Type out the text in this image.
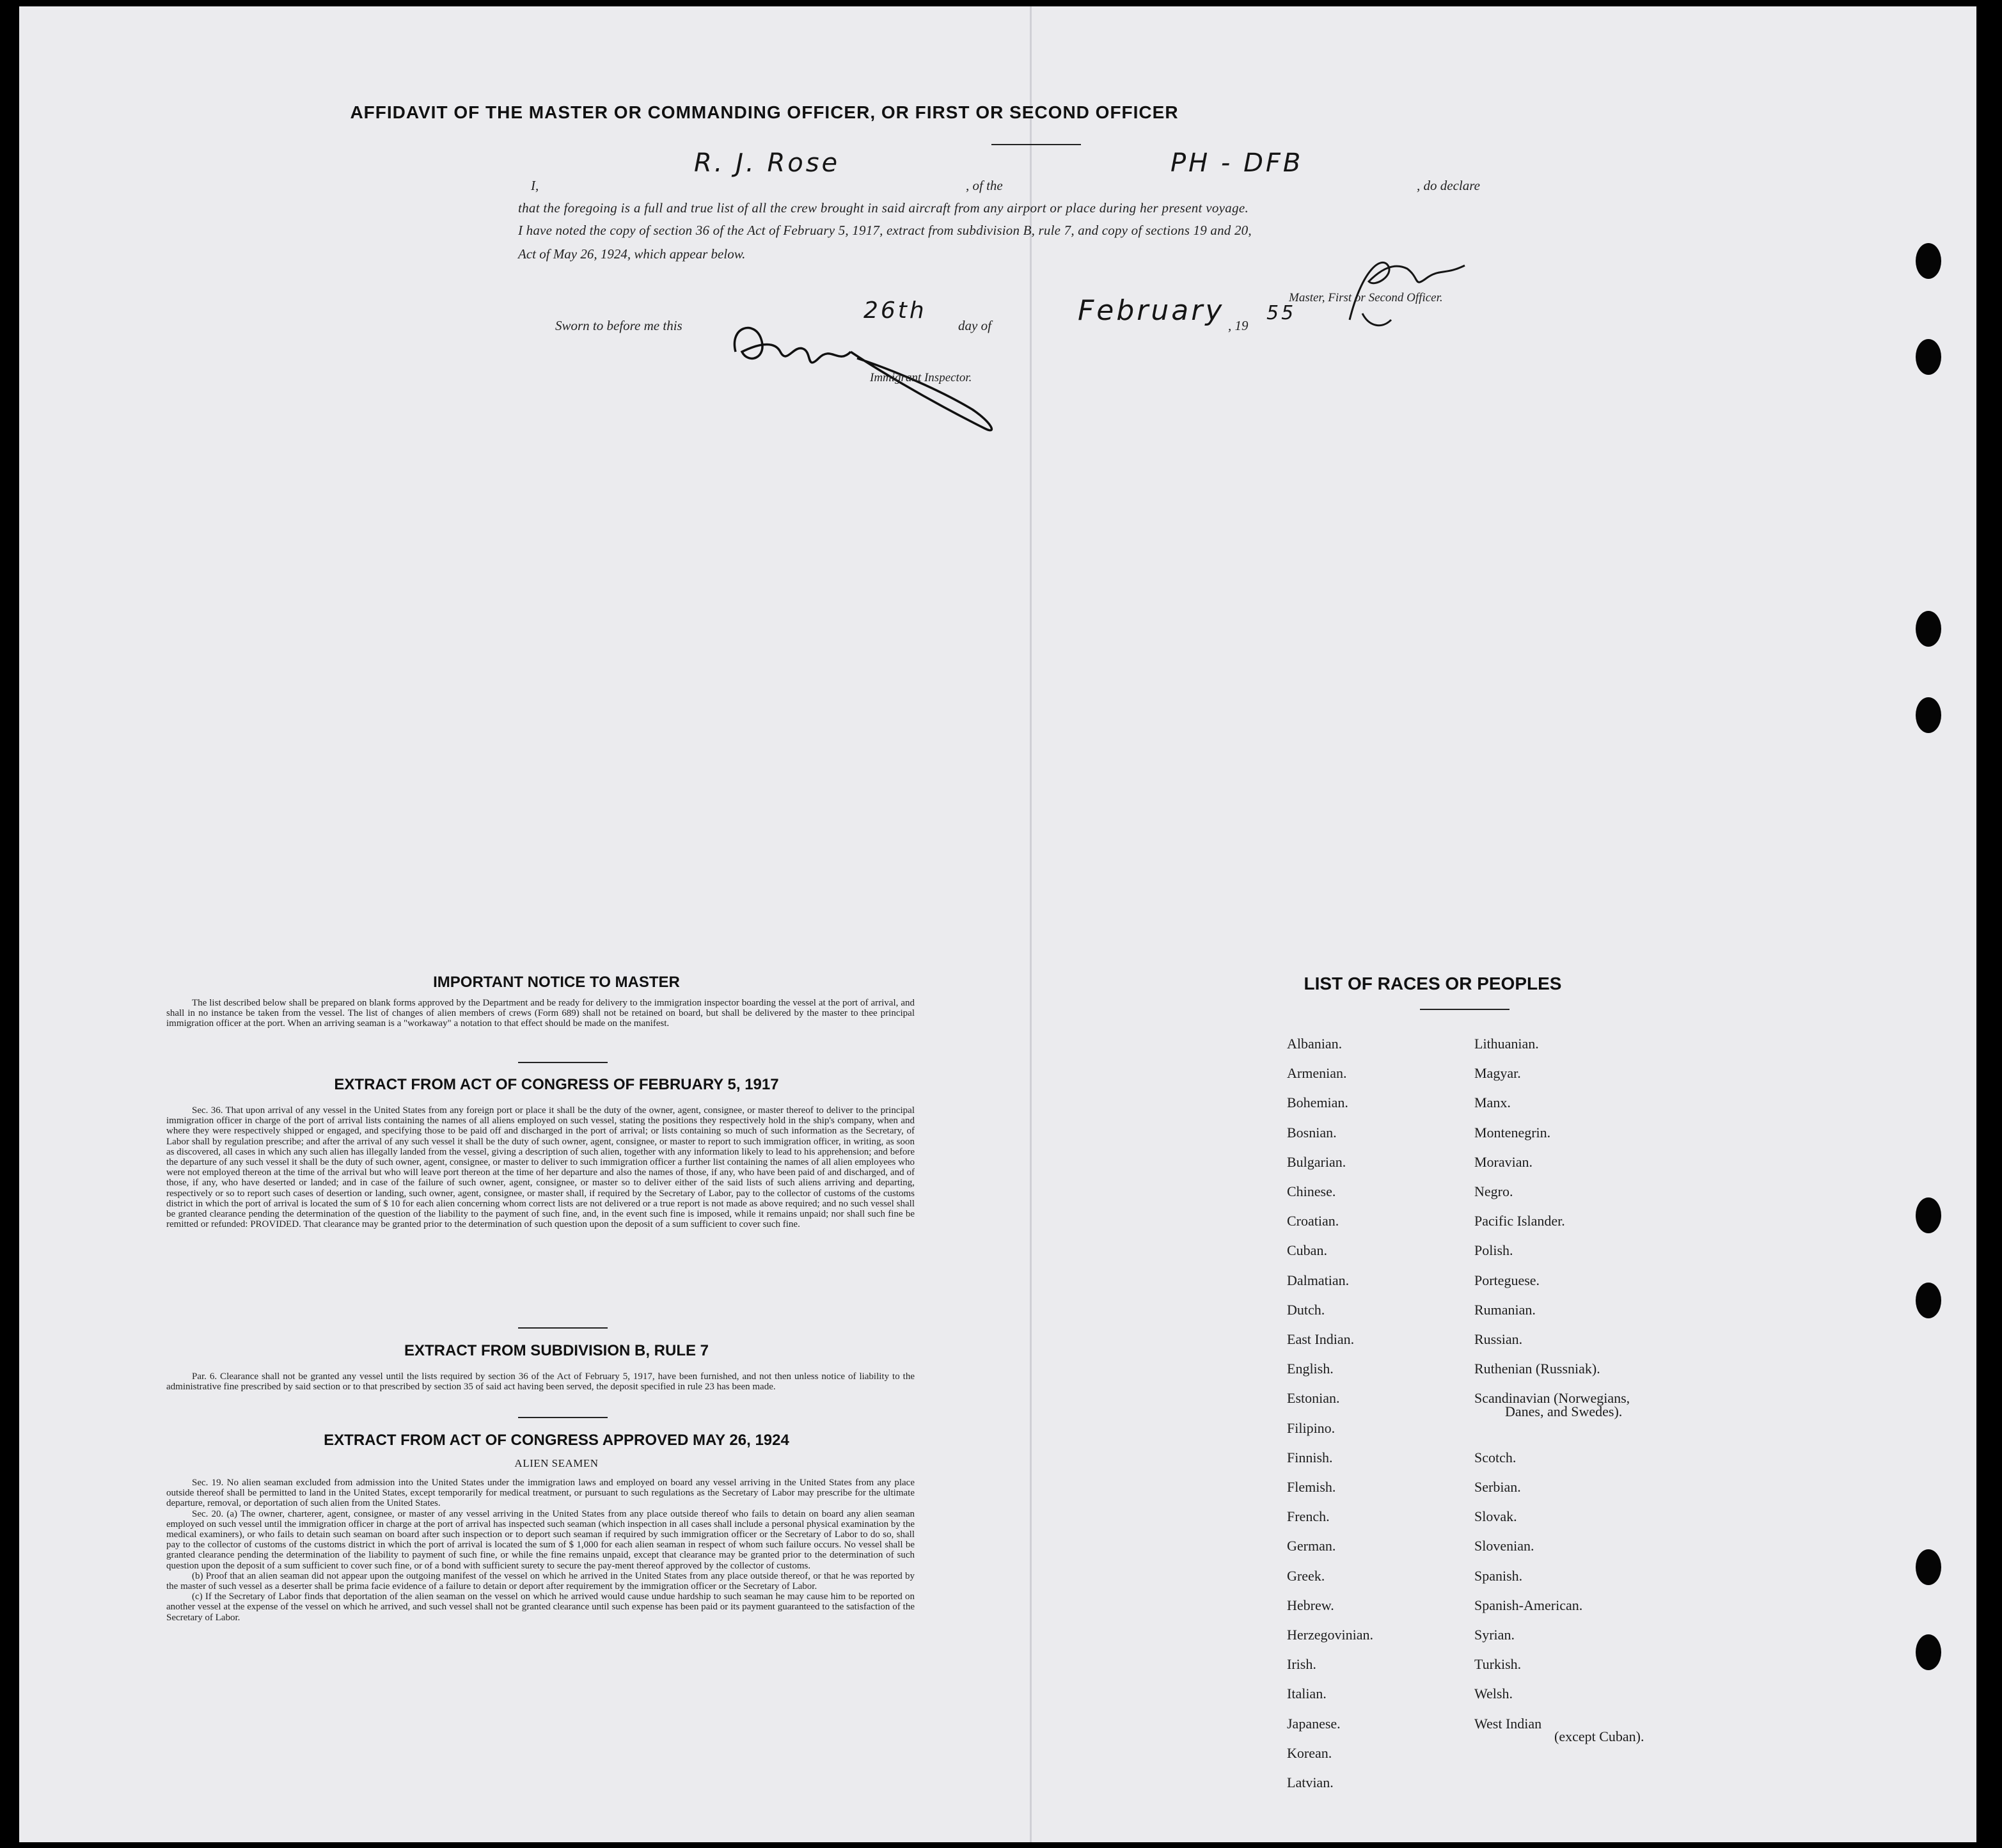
AFFIDAVIT OF THE MASTER OR COMMANDING OFFICER, OR FIRST OR SECOND OFFICER
I,
R. J. Rose
, of the
PH - DFB
, do declare
that the foregoing is a full and true list of all the crew brought in said aircraft from any airport or place during her present voyage.
I have noted the copy of section 36 of the Act of February 5, 1917, extract from subdivision B, rule 7, and copy of sections 19 and 20,
Act of May 26, 1924, which appear below.
Master, First or Second Officer.
Sworn to before me this
26th
day of	February , 19
55
Immigrant Inspector.
IMPORTANT NOTICE TO MASTER

The list described below shall be prepared on blank forms approved by the Department and be ready for delivery to the immigration inspector boarding the vessel at the port of arrival, and shall in no instance be taken from the vessel. The list of changes of alien members of crews (Form 689) shall not be retained on board, but shall be delivered by the master to thee principal immigration officer at the port. When an arriving seaman is a "workaway" a notation to that effect should be made on the manifest.

EXTRACT FROM ACT OF CONGRESS OF FEBRUARY 5, 1917

Sec. 36. That upon arrival of any vessel in the United States from any foreign port or place it shall be the duty of the owner, agent, consignee, or master thereof to deliver to the principal immigration officer in charge of the port of arrival lists containing the names of all aliens employed on such vessel, stating the positions they respectively hold in the ship's company, when and where they were respectively shipped or engaged, and specifying those to be paid off and discharged in the port of arrival; or lists containing so much of such information as the Secretary, of Labor shall by regulation prescribe; and after the arrival of any such vessel it shall be the duty of such owner, agent, consignee, or master to report to such immigration officer, in writing, as soon as discovered, all cases in which any such alien has illegally landed from the vessel, giving a description of such alien, together with any information likely to lead to his apprehension; and before the departure of any such vessel it shall be the duty of such owner, agent, consignee, or master to deliver to such immigration officer a further list containing the names of all alien employees who were not employed thereon at the time of the arrival but who will leave port thereon at the time of her departure and also the names of those, if any, who have been paid of and discharged, and of those, if any, who have deserted or landed; and in case of the failure of such owner, agent, consignee, or master so to deliver either of the said lists of such aliens arriving and departing, respectively or so to report such cases of desertion or landing, such owner, agent, consignee, or master shall, if required by the Secretary of Labor, pay to the collector of customs of the customs district in which the port of arrival is located the sum of $ 10 for each alien concerning whom correct lists are not delivered or a true report is not made as above required; and no such vessel shall be granted clearance pending the determination of the question of the liability to the payment of such fine, and, in the event such fine is imposed, while it remains unpaid; nor shall such fine be remitted or refunded: PROVIDED. That clearance may be granted prior to the determination of such question upon the deposit of a sum sufficient to cover such fine.

EXTRACT FROM SUBDIVISION B, RULE 7

Par. 6. Clearance shall not be granted any vessel until the lists required by section 36 of the Act of February 5, 1917, have been furnished, and not then unless notice of liability to the administrative fine prescribed by said section or to that prescribed by section 35 of said act having been served, the deposit specified in rule 23 has been made.

EXTRACT FROM ACT OF CONGRESS APPROVED MAY 26, 1924
ALIEN SEAMEN

Sec. 19. No alien seaman excluded from admission into the United States under the immigration laws and employed on board any vessel arriving in the United States from any place outside thereof shall be permitted to land in the United States, except temporarily for medical treatment, or pursuant to such regulations as the Secretary of Labor may prescribe for the ultimate departure, removal, or deportation of such alien from the United States.

Sec. 20. (a) The owner, charterer, agent, consignee, or master of any vessel arriving in the United States from any place outside thereof who fails to detain on board any alien seaman employed on such vessel until the immigration officer in charge at the port of arrival has inspected such seaman (which inspection in all cases shall include a personal physical examination by the medical examiners), or who fails to detain such seaman on board after such inspection or to deport such seaman if required by such immigration officer or the Secretary of Labor to do so, shall pay to the collector of customs of the customs district in which the port of arrival is located the sum of $ 1,000 for each alien seaman in respect of whom such failure occurs. No vessel shall be granted clearance pending the determination of the liability to payment of such fine, or while the fine remains unpaid, except that clearance may be granted prior to the determination of such question upon the deposit of a sum sufficient to cover such fine, or of a bond with sufficient surety to secure the pay-ment thereof approved by the collector of customs.

(b) Proof that an alien seaman did not appear upon the outgoing manifest of the vessel on which he arrived in the United States from any place outside thereof, or that he was reported by the master of such vessel as a deserter shall be prima facie evidence of a failure to detain or deport after requirement by the immigration officer or the Secretary of Labor.

(c) If the Secretary of Labor finds that deportation of the alien seaman on the vessel on which he arrived would cause undue hardship to such seaman he may cause him to be reported on another vessel at the expense of the vessel on which he arrived, and such vessel shall not be granted clearance until such expense has been paid or its payment guaranteed to the satisfaction of the Secretary of Labor.

LIST OF RACES OR PEOPLES
Albanian.
Armenian.
Bohemian.
Bosnian.
Bulgarian.
Chinese.
Croatian.
Cuban.
Dalmatian.
Dutch.
East Indian.
English.
Estonian.
Filipino.
Finnish.
Flemish.
French.
German.
Greek.
Hebrew.
Herzegovinian.
Irish.
Italian.
Japanese.
Korean.
Latvian.
Lithuanian.
Magyar.
Manx.
Montenegrin.
Moravian.
Negro.
Pacific Islander.
Polish.
Porteguese.
Rumanian.
Russian.
Ruthenian (Russniak).
Scandinavian (Norwegians,
Danes, and Swedes).
Scotch.
Serbian.
Slovak.
Slovenian.
Spanish.
Spanish-American.
Syrian.
Turkish.
Welsh.
West Indian
(except Cuban).
